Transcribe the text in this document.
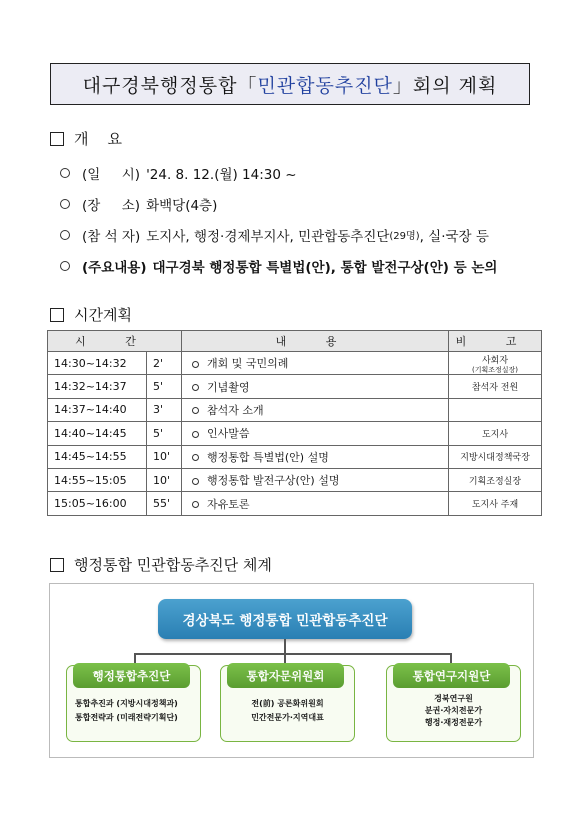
대구경북행정통합「 민관합동추진단 」회의 계획
개    요
(일     시) '24. 8. 12.(월) 14:30 ~
(장     소) 화백당(4층)
(참 석 자) 도지사, 행정·경제부지사, 민관합동추진단 (29명) , 실·국장 등
(주요내용) 대구경북 행정통합 특별법(안), 통합 발전구상(안) 등 논의
시간계획
시 간		내 용	비 고
14:30~14:32	2'	개회 및 국민의례	사회자
(기획조정실장)

14:32~14:37	5'	기념촬영	참석자 전원
14:37~14:40	3'	참석자 소개	
14:40~14:45	5'	인사말씀	도지사
14:45~14:55	10'	행정통합 특별법(안) 설명	지방시대정책국장
14:55~15:05	10'	행정통합 발전구상(안) 설명	기획조정실장
15:05~16:00	55'	자유토론	도지사 주재
행정통합 민관합동추진단 체계
경상북도 행정통합 민관합동추진단
행정통합추진단
통합추진과 (지방시대정책과)
통합전략과 (미래전략기획단)
통합자문위원회
전(前) 공론화위원회
민간전문가·지역대표
통합연구지원단
경북연구원
분권·자치전문가
행정·재정전문가
